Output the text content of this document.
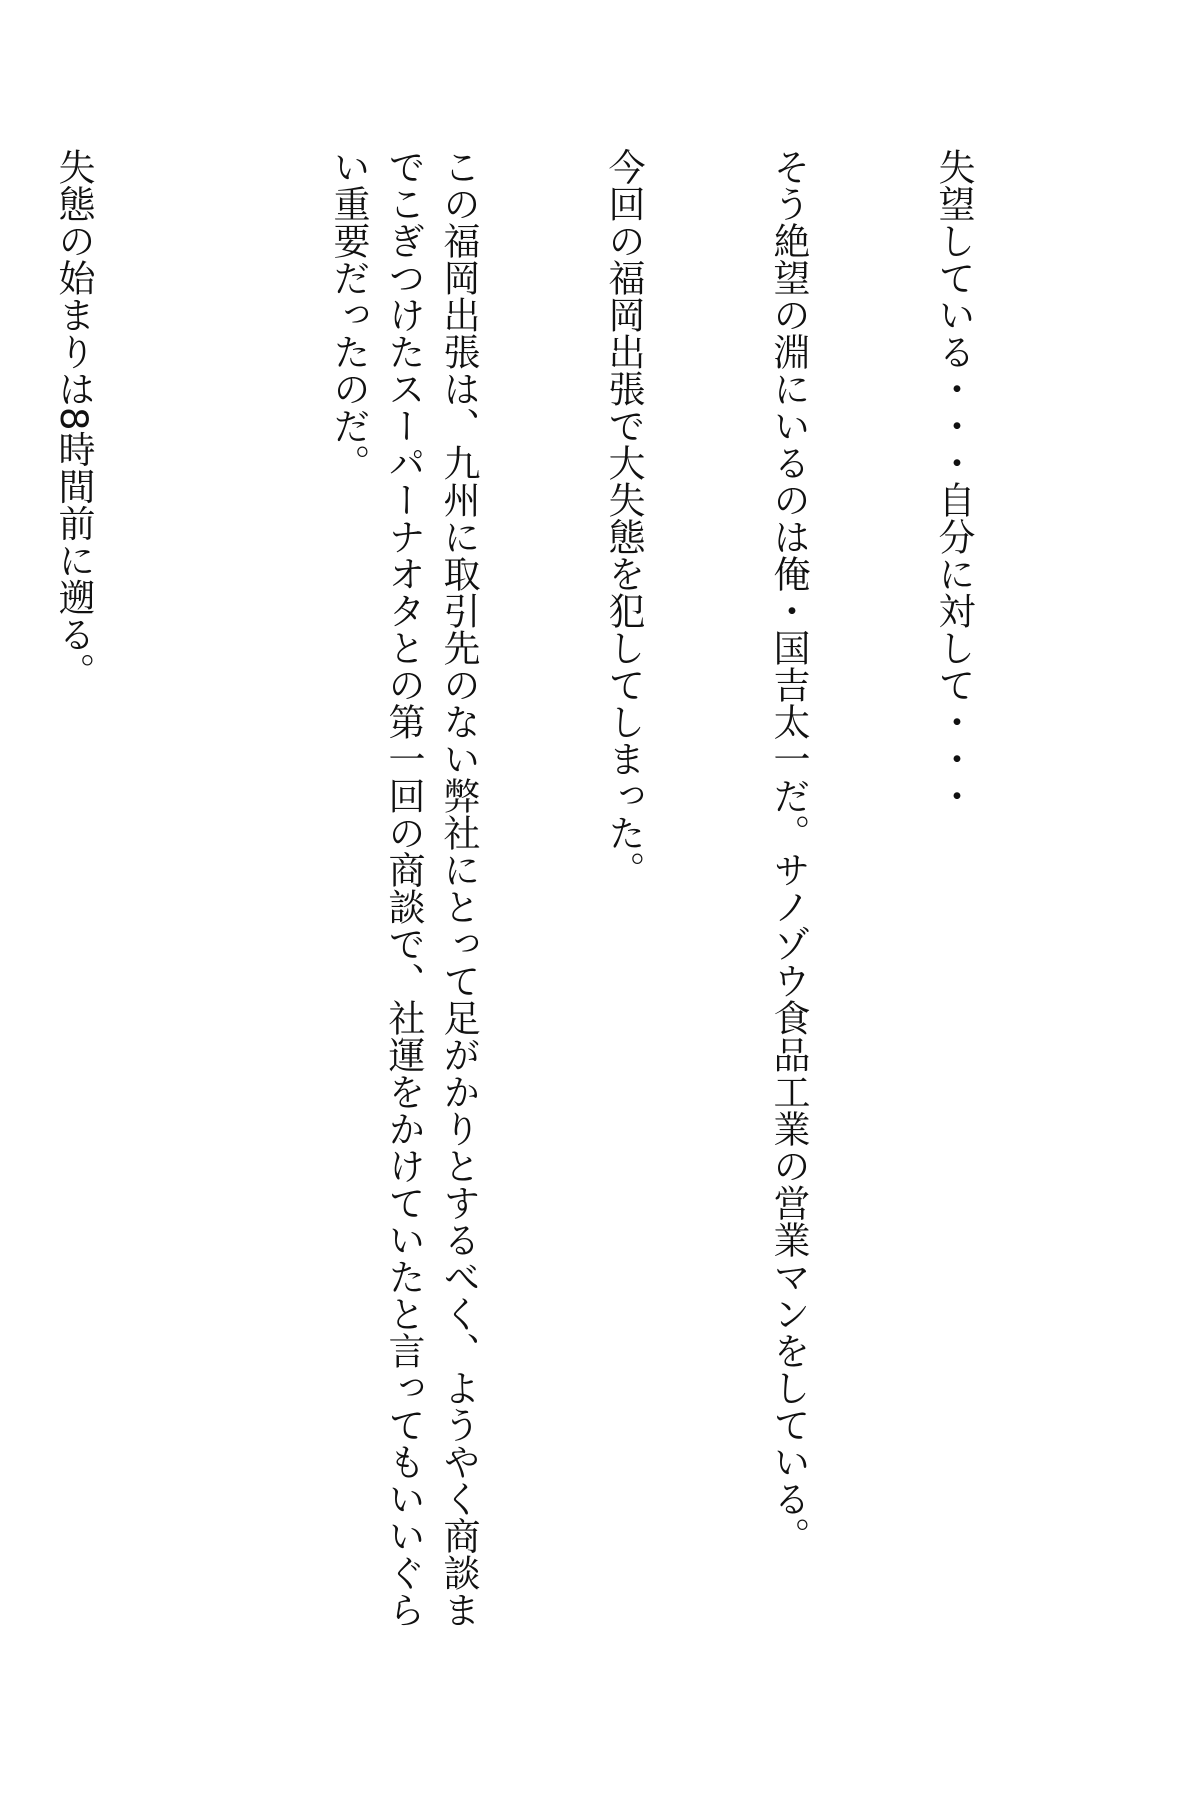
失望している・・・自分に対して・・・

そう絶望の淵にいるのは俺・国吉太一だ。サノゾウ食品工業の営業マンをしている。

今回の福岡出張で大失態を犯してしまった。

この福岡出張は、九州に取引先のない弊社にとって足がかりとするべく、ようやく商談までこぎつけたスーパーナオタとの第一回の商談で、社運をかけていたと言ってもいいぐらい重要だったのだ。

失態の始まりは8時間前に遡る。
